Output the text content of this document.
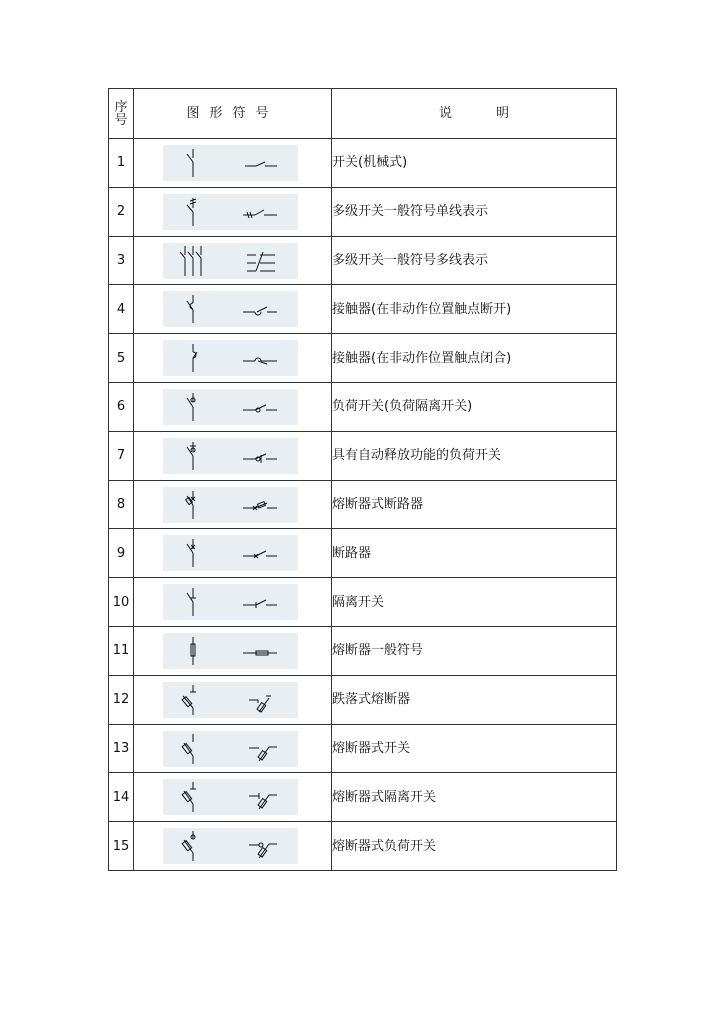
序
号	图形符号	说 明
1		开关(机械式)
2		多级开关一般符号单线表示
3		多级开关一般符号多线表示
4		接触器(在非动作位置触点断开)
5		接触器(在非动作位置触点闭合)
6		负荷开关(负荷隔离开关)
7		具有自动释放功能的负荷开关
8		熔断器式断路器
9		断路器
10		隔离开关
11		熔断器一般符号
12		跌落式熔断器
13		熔断器式开关
14		熔断器式隔离开关
15		熔断器式负荷开关
